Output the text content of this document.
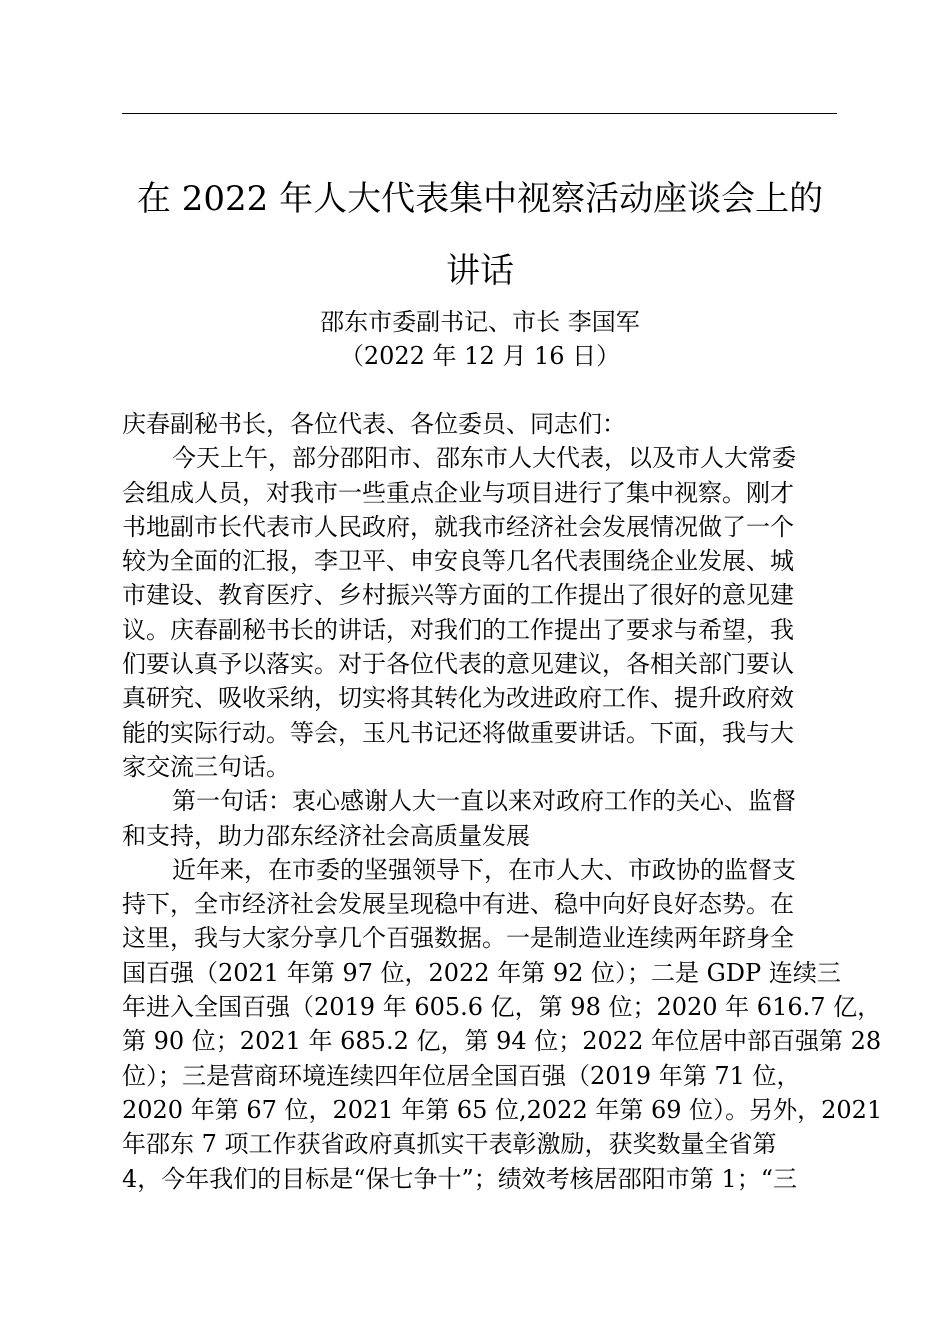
在 2022 年人大代表集中视察活动座谈会上的
讲话
邵东市委副书记、市长 李国军
（2022 年 12 月 16 日）
庆春副秘书长，各位代表、各位委员、同志们：
今天上午，部分邵阳市、邵东市人大代表，以及市人大常委
会组成人员，对我市一些重点企业与项目进行了集中视察。刚才
书地副市长代表市人民政府，就我市经济社会发展情况做了一个
较为全面的汇报，李卫平、申安良等几名代表围绕企业发展、城
市建设、教育医疗、乡村振兴等方面的工作提出了很好的意见建
议。庆春副秘书长的讲话，对我们的工作提出了要求与希望，我
们要认真予以落实。对于各位代表的意见建议，各相关部门要认
真研究、吸收采纳，切实将其转化为改进政府工作、提升政府效
能的实际行动。等会，玉凡书记还将做重要讲话。下面，我与大
家交流三句话。
第一句话：衷心感谢人大一直以来对政府工作的关心、监督
和支持，助力邵东经济社会高质量发展
近年来，在市委的坚强领导下，在市人大、市政协的监督支
持下，全市经济社会发展呈现稳中有进、稳中向好良好态势。在
这里，我与大家分享几个百强数据。一是制造业连续两年跻身全
国百强（2021 年第 97 位，2022 年第 92 位）；二是 GDP 连续三
年进入全国百强（2019 年 605.6 亿，第 98 位；2020 年 616.7 亿，
第 90 位；2021 年 685.2 亿，第 94 位；2022 年位居中部百强第 28
位）；三是营商环境连续四年位居全国百强（2019 年第 71 位，
2020 年第 67 位，2021 年第 65 位,2022 年第 69 位）。另外，2021
年邵东 7 项工作获省政府真抓实干表彰激励，获奖数量全省第
4，今年我们的目标是“保七争十”；绩效考核居邵阳市第 1；“三
